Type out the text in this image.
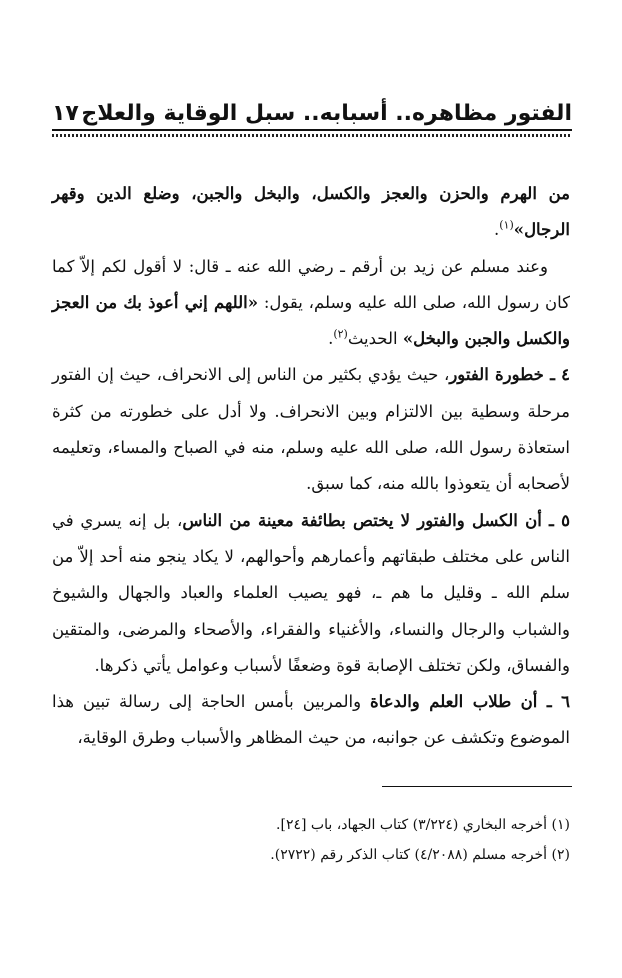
الفتور مظاهره.. أسبابه.. سبل الوقاية والعلاج
١٧

من الهرم والحزن والعجز والكسل، والبخل والجبن، وضلع الدين وقهر الرجال»$^{(١)}$.

وعند مسلم عن زيد بن أرقم ـ رضي الله عنه ـ قال: لا أقول لكم إلاّ كما كان رسول الله، صلى الله عليه وسلم، يقول: «اللهم إني أعوذ بك من العجز والكسل والجبن والبخل» الحديث$^{(٢)}$.

٤ ـ خطورة الفتور، حيث يؤدي بكثير من الناس إلى الانحراف، حيث إن الفتور مرحلة وسطية بين الالتزام وبين الانحراف. ولا أدل على خطورته من كثرة استعاذة رسول الله، صلى الله عليه وسلم، منه في الصباح والمساء، وتعليمه لأصحابه أن يتعوذوا بالله منه، كما سبق.

٥ ـ أن الكسل والفتور لا يختص بطائفة معينة من الناس، بل إنه يسري في الناس على مختلف طبقاتهم وأعمارهم وأحوالهم، لا يكاد ينجو منه أحد إلاّ من سلم الله ـ وقليل ما هم ـ، فهو يصيب العلماء والعباد والجهال والشيوخ والشباب والرجال والنساء، والأغنياء والفقراء، والأصحاء والمرضى، والمتقين والفساق، ولكن تختلف الإصابة قوة وضعفًا لأسباب وعوامل يأتي ذكرها.

٦ ـ أن طلاب العلم والدعاة والمربين بأمس الحاجة إلى رسالة تبين هذا الموضوع وتكشف عن جوانبه، من حيث المظاهر والأسباب وطرق الوقاية،

(١) أخرجه البخاري (٣/٢٢٤) كتاب الجهاد، باب [٢٤].
(٢) أخرجه مسلم (٤/٢٠٨٨) كتاب الذكر رقم (٢٧٢٢).
